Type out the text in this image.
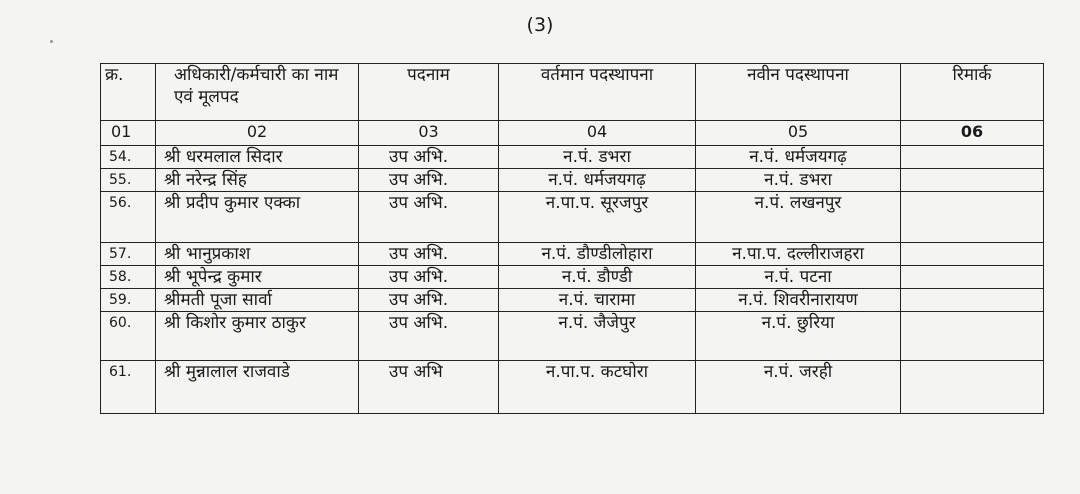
(3)
क्र.	अधिकारी/कर्मचारी का नाम एवं मूलपद	पदनाम	वर्तमान पदस्थापना	नवीन पदस्थापना	रिमार्क
01	02	03	04	05	06
54.	श्री धरमलाल सिदार	उप अभि.	न.पं. डभरा	न.पं. धर्मजयगढ़	
55.	श्री नरेन्द्र सिंह	उप अभि.	न.पं. धर्मजयगढ़	न.पं. डभरा	
56.	श्री प्रदीप कुमार एक्का	उप अभि.	न.पा.प. सूरजपुर	न.पं. लखनपुर	
57.	श्री भानुप्रकाश	उप अभि.	न.पं. डौण्डीलोहारा	न.पा.प. दल्लीराजहरा	
58.	श्री भूपेन्द्र कुमार	उप अभि.	न.पं. डौण्डी	न.पं. पटना	
59.	श्रीमती पूजा सार्वा	उप अभि.	न.पं. चारामा	न.पं. शिवरीनारायण	
60.	श्री किशोर कुमार ठाकुर	उप अभि.	न.पं. जैजेपुर	न.पं. छुरिया	
61.	श्री मुन्नालाल राजवाडे	उप अभि	न.पा.प. कटघोरा	न.पं. जरही	
